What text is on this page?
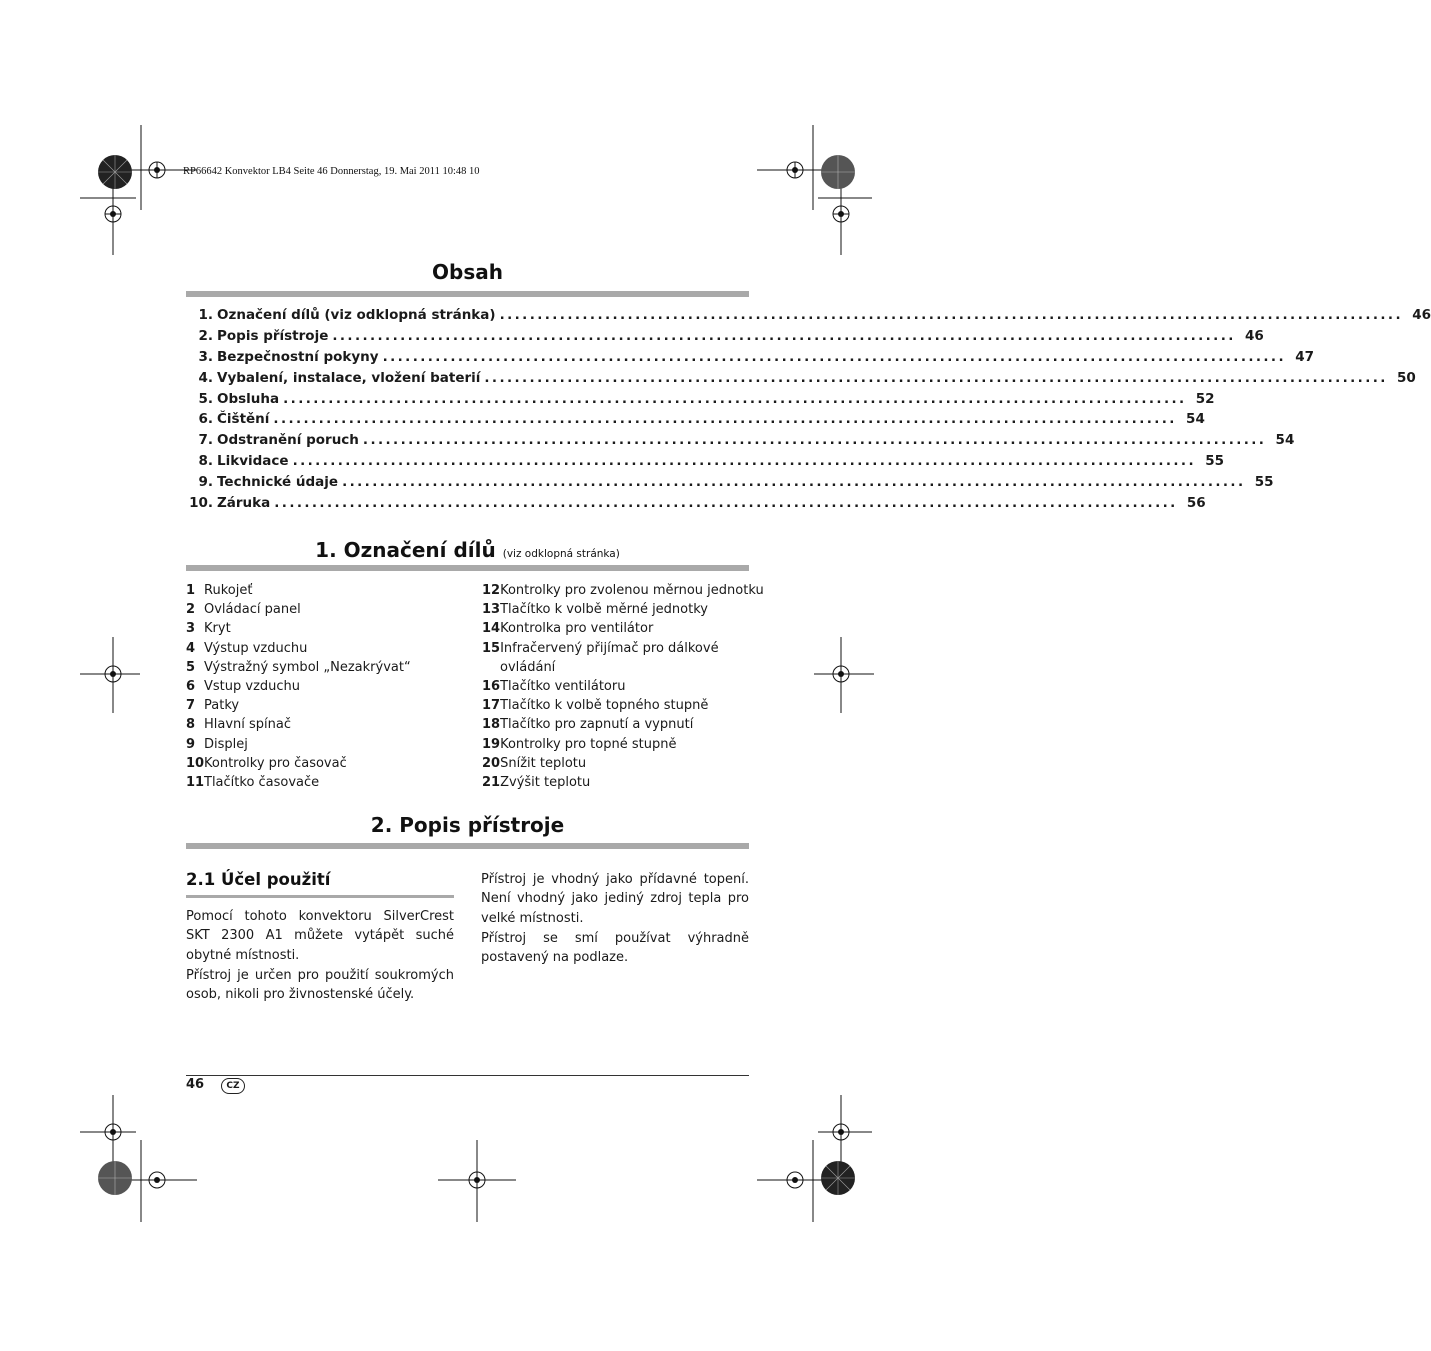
RP66642 Konvektor LB4 Seite 46 Donnerstag, 19. Mai 2011 10:48 10
Obsah
1. Označení dílů (viz odklopná stránka) ........................................................................................................................ 46
2. Popis přístroje ........................................................................................................................ 46
3. Bezpečnostní pokyny ........................................................................................................................ 47
4. Vybalení, instalace, vložení baterií ........................................................................................................................ 50
5. Obsluha ........................................................................................................................ 52
6. Čištění ........................................................................................................................ 54
7. Odstranění poruch ........................................................................................................................ 54
8. Likvidace ........................................................................................................................ 55
9. Technické údaje ........................................................................................................................ 55
10. Záruka ........................................................................................................................ 56
1. Označení dílů (viz odklopná stránka)
1 Rukojeť
2 Ovládací panel
3 Kryt
4 Výstup vzduchu
5 Výstražný symbol „Nezakrývat“
6 Vstup vzduchu
7 Patky
8 Hlavní spínač
9 Displej
10 Kontrolky pro časovač
11 Tlačítko časovače
12 Kontrolky pro zvolenou měrnou jednotku
13 Tlačítko k volbě měrné jednotky
14 Kontrolka pro ventilátor
15 Infračervený přijímač pro dálkové
ovládání
16 Tlačítko ventilátoru
17 Tlačítko k volbě topného stupně
18 Tlačítko pro zapnutí a vypnutí
19 Kontrolky pro topné stupně
20 Snížit teplotu
21 Zvýšit teplotu
2. Popis přístroje
2.1 Účel použití

Pomocí tohoto konvektoru SilverCrest SKT 2300 A1 můžete vytápět suché obytné místnosti.

Přístroj je určen pro použití soukromých osob, nikoli pro živnostenské účely.

Přístroj je vhodný jako přídavné topení. Není vhodný jako jediný zdroj tepla pro velké místnosti.

Přístroj se smí používat výhradně postavený na podlaze.

46	CZ
